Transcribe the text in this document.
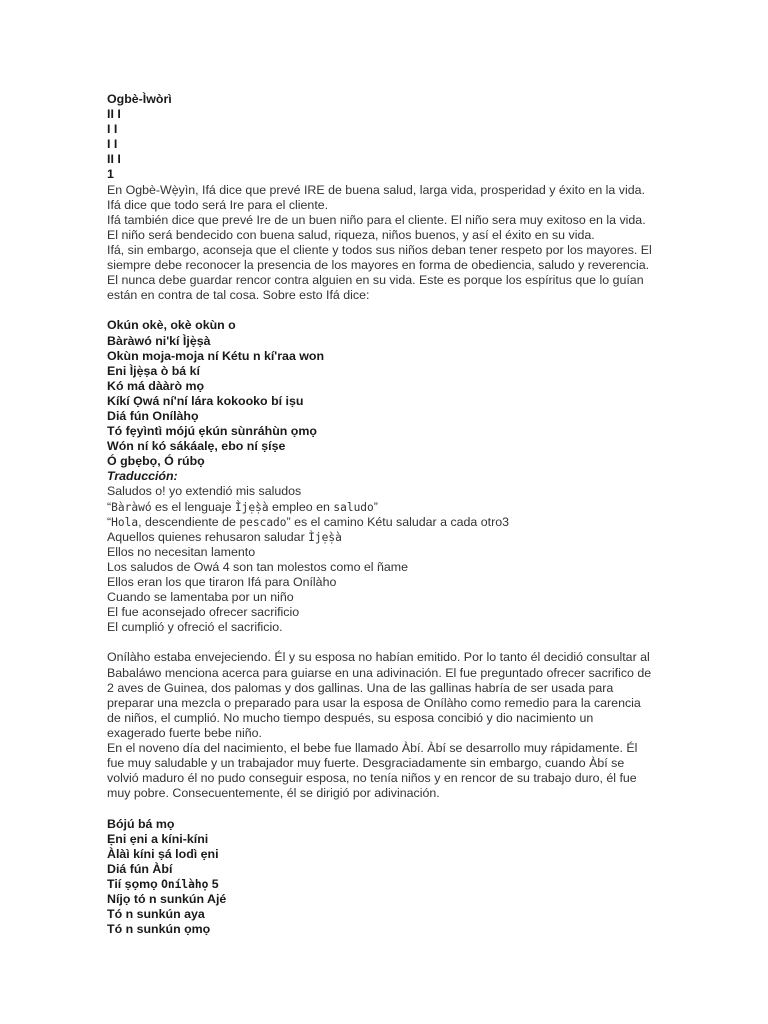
Ogbè-Ìwòrì
II I
I I
I I
II I
1
En Ogbè-Wẹ̀yìn, Ifá dice que prevé IRE de buena salud, larga vida, prosperidad y éxito en la vida.
Ifá dice que todo será Ire para el cliente.
Ifá también dice que prevé Ire de un buen niño para el cliente. El niño sera muy exitoso en la vida.
El niño será bendecido con buena salud, riqueza, niños buenos, y así el éxito en su vida.
Ifá, sin embargo, aconseja que el cliente y todos sus niños deban tener respeto por los mayores. El
siempre debe reconocer la presencia de los mayores en forma de obediencia, saludo y reverencia.
El nunca debe guardar rencor contra alguien en su vida. Este es porque los espíritus que lo guían
están en contra de tal cosa. Sobre esto Ifá dice:
Okún okè, okè okùn o
Bàràwó ni'kí Ìjẹ̀ṣà
Okùn moja-moja ní Kétu n kí'raa won
Eni Ìjẹ̀ṣa ò bá kí
Kó má dààrò mọ
Kíkí Ọwá ní'ní lára kokooko bí iṣu
Diá fún Onílàhọ
Tó fẹyìntì mójú ẹkún sùnráhùn ọmọ
Wón ní kó sákáalẹ, ebo ní ṣíṣe
Ó gbẹbọ, Ó rúbọ
Traducción:
Saludos o! yo extendió mis saludos
“Bàràwó es el lenguaje Ìjẹ̀ṣà empleo en saludo”
“Hola, descendiente de pescado” es el camino Kétu saludar a cada otro3
Aquellos quienes rehusaron saludar Ìjẹ̀ṣà
Ellos no necesitan lamento
Los saludos de Owá 4 son tan molestos como el ñame
Ellos eran los que tiraron Ifá para Onílàho
Cuando se lamentaba por un niño
El fue aconsejado ofrecer sacrificio
El cumplió y ofreció el sacrificio.
Onílàho estaba envejeciendo. Él y su esposa no habían emitido. Por lo tanto él decidió consultar al
Babaláwo menciona acerca para guiarse en una adivinación. El fue preguntado ofrecer sacrifico de
2 aves de Guinea, dos palomas y dos gallinas. Una de las gallinas habría de ser usada para
preparar una mezcla o preparado para usar la esposa de Onílàho como remedio para la carencia
de niños, el cumplió. No mucho tiempo después, su esposa concibió y dio nacimiento un
exagerado fuerte bebe niño.
En el noveno día del nacimiento, el bebe fue llamado Àbí. Àbí se desarrollo muy rápidamente. Él
fue muy saludable y un trabajador muy fuerte. Desgraciadamente sin embargo, cuando Àbí se
volvió maduro él no pudo conseguir esposa, no tenía niños y en rencor de su trabajo duro, él fue
muy pobre. Consecuentemente, él se dirigió por adivinación.
Bójú bá mọ
Ẹni ẹni a kíni-kíni
Àlàì kíni ṣá lodì ẹni
Diá fún Àbí
Tií ṣọmọ Onílàhọ 5
Níjọ tó n sunkún Ajé
Tó n sunkún aya
Tó n sunkún ọmọ
